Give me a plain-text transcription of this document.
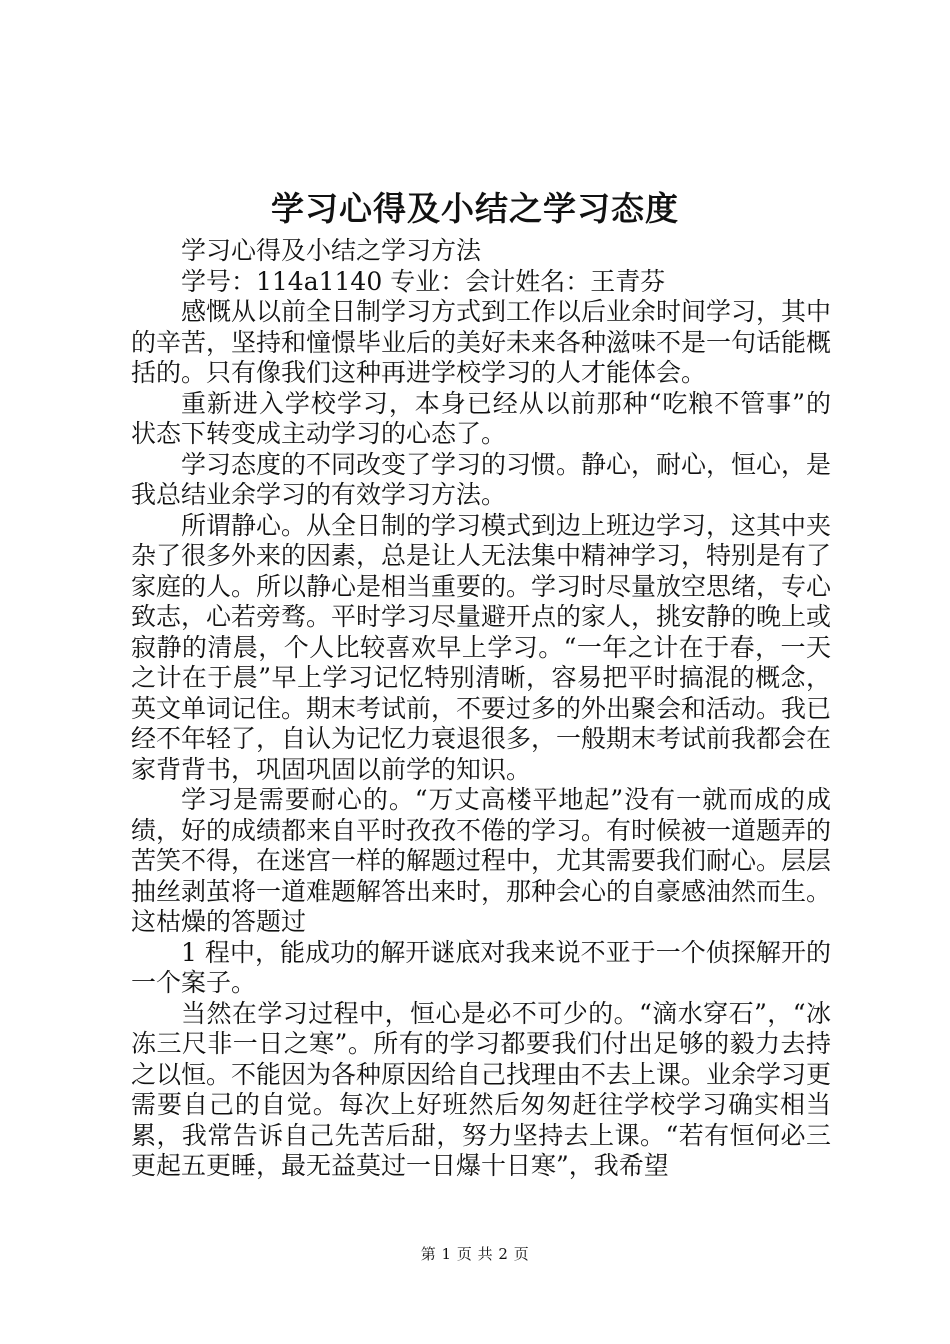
学习心得及小结之学习态度

学习心得及小结之学习方法

学号：114a1140 专业：会计姓名：王青芬

感慨从以前全日制学习方式到工作以后业余时间学习，其中的辛苦，坚持和憧憬毕业后的美好未来各种滋味不是一句话能概括的。只有像我们这种再进学校学习的人才能体会。

重新进入学校学习，本身已经从以前那种“吃粮不管事”的状态下转变成主动学习的心态了。

学习态度的不同改变了学习的习惯。静心，耐心，恒心，是我总结业余学习的有效学习方法。

所谓静心。从全日制的学习模式到边上班边学习，这其中夹杂了很多外来的因素，总是让人无法集中精神学习，特别是有了家庭的人。所以静心是相当重要的。学习时尽量放空思绪，专心致志，心若旁骛。平时学习尽量避开点的家人，挑安静的晚上或寂静的清晨，个人比较喜欢早上学习。“一年之计在于春，一天之计在于晨”早上学习记忆特别清晰，容易把平时搞混的概念，英文单词记住。期末考试前，不要过多的外出聚会和活动。我已经不年轻了，自认为记忆力衰退很多，一般期末考试前我都会在家背背书，巩固巩固以前学的知识。

学习是需要耐心的。“万丈高楼平地起”没有一就而成的成绩，好的成绩都来自平时孜孜不倦的学习。有时候被一道题弄的苦笑不得，在迷宫一样的解题过程中，尤其需要我们耐心。层层抽丝剥茧将一道难题解答出来时，那种会心的自豪感油然而生。这枯燥的答题过

1 程中，能成功的解开谜底对我来说不亚于一个侦探解开的一个案子。

当然在学习过程中，恒心是必不可少的。“滴水穿石”，“冰冻三尺非一日之寒”。所有的学习都要我们付出足够的毅力去持之以恒。不能因为各种原因给自己找理由不去上课。业余学习更需要自己的自觉。每次上好班然后匆匆赶往学校学习确实相当累，我常告诉自己先苦后甜，努力坚持去上课。“若有恒何必三更起五更睡，最无益莫过一日爆十日寒”，我希望

第 1 页 共 2 页
